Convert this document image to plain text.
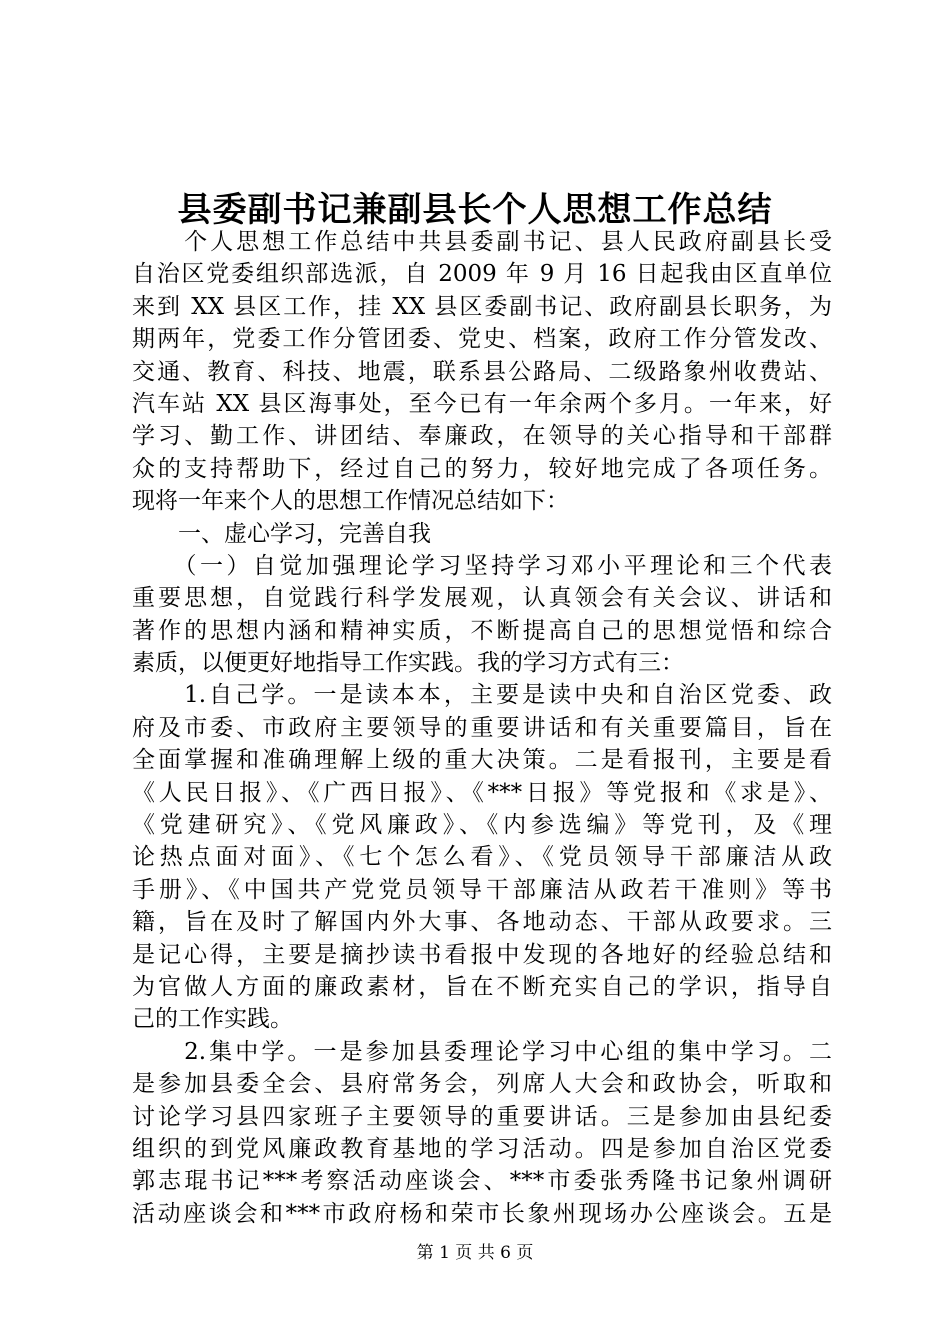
县委副书记兼副县长个人思想工作总结
　　个人思想工作总结中共县委副书记、县人民政府副县长受
自治区党委组织部选派，自 2009 年 9 月 16 日起我由区直单位
来到 XX 县区工作，挂 XX 县区委副书记、政府副县长职务，为
期两年，党委工作分管团委、党史、档案，政府工作分管发改、
交通、教育、科技、地震，联系县公路局、二级路象州收费站、
汽车站 XX 县区海事处，至今已有一年余两个多月。一年来，好
学习、勤工作、讲团结、奉廉政，在领导的关心指导和干部群
众的支持帮助下，经过自己的努力，较好地完成了各项任务。
现将一年来个人的思想工作情况总结如下：
　　一、虚心学习，完善自我
　　（一）自觉加强理论学习坚持学习邓小平理论和三个代表
重要思想，自觉践行科学发展观，认真领会有关会议、讲话和
著作的思想内涵和精神实质，不断提高自己的思想觉悟和综合
素质，以便更好地指导工作实践。我的学习方式有三：
　　1.自己学。一是读本本，主要是读中央和自治区党委、政
府及市委、市政府主要领导的重要讲话和有关重要篇目，旨在
全面掌握和准确理解上级的重大决策。二是看报刊，主要是看
《人民日报》、《广西日报》、《***日报》等党报和《求是》、
《党建研究》、《党风廉政》、《内参选编》等党刊，及《理
论热点面对面》、《七个怎么看》、《党员领导干部廉洁从政
手册》、《中国共产党党员领导干部廉洁从政若干准则》等书
籍，旨在及时了解国内外大事、各地动态、干部从政要求。三
是记心得，主要是摘抄读书看报中发现的各地好的经验总结和
为官做人方面的廉政素材，旨在不断充实自己的学识，指导自
己的工作实践。
　　2.集中学。一是参加县委理论学习中心组的集中学习。二
是参加县委全会、县府常务会，列席人大会和政协会，听取和
讨论学习县四家班子主要领导的重要讲话。三是参加由县纪委
组织的到党风廉政教育基地的学习活动。四是参加自治区党委
郭志琨书记***考察活动座谈会、***市委张秀隆书记象州调研
活动座谈会和***市政府杨和荣市长象州现场办公座谈会。五是
第 1 页 共 6 页
